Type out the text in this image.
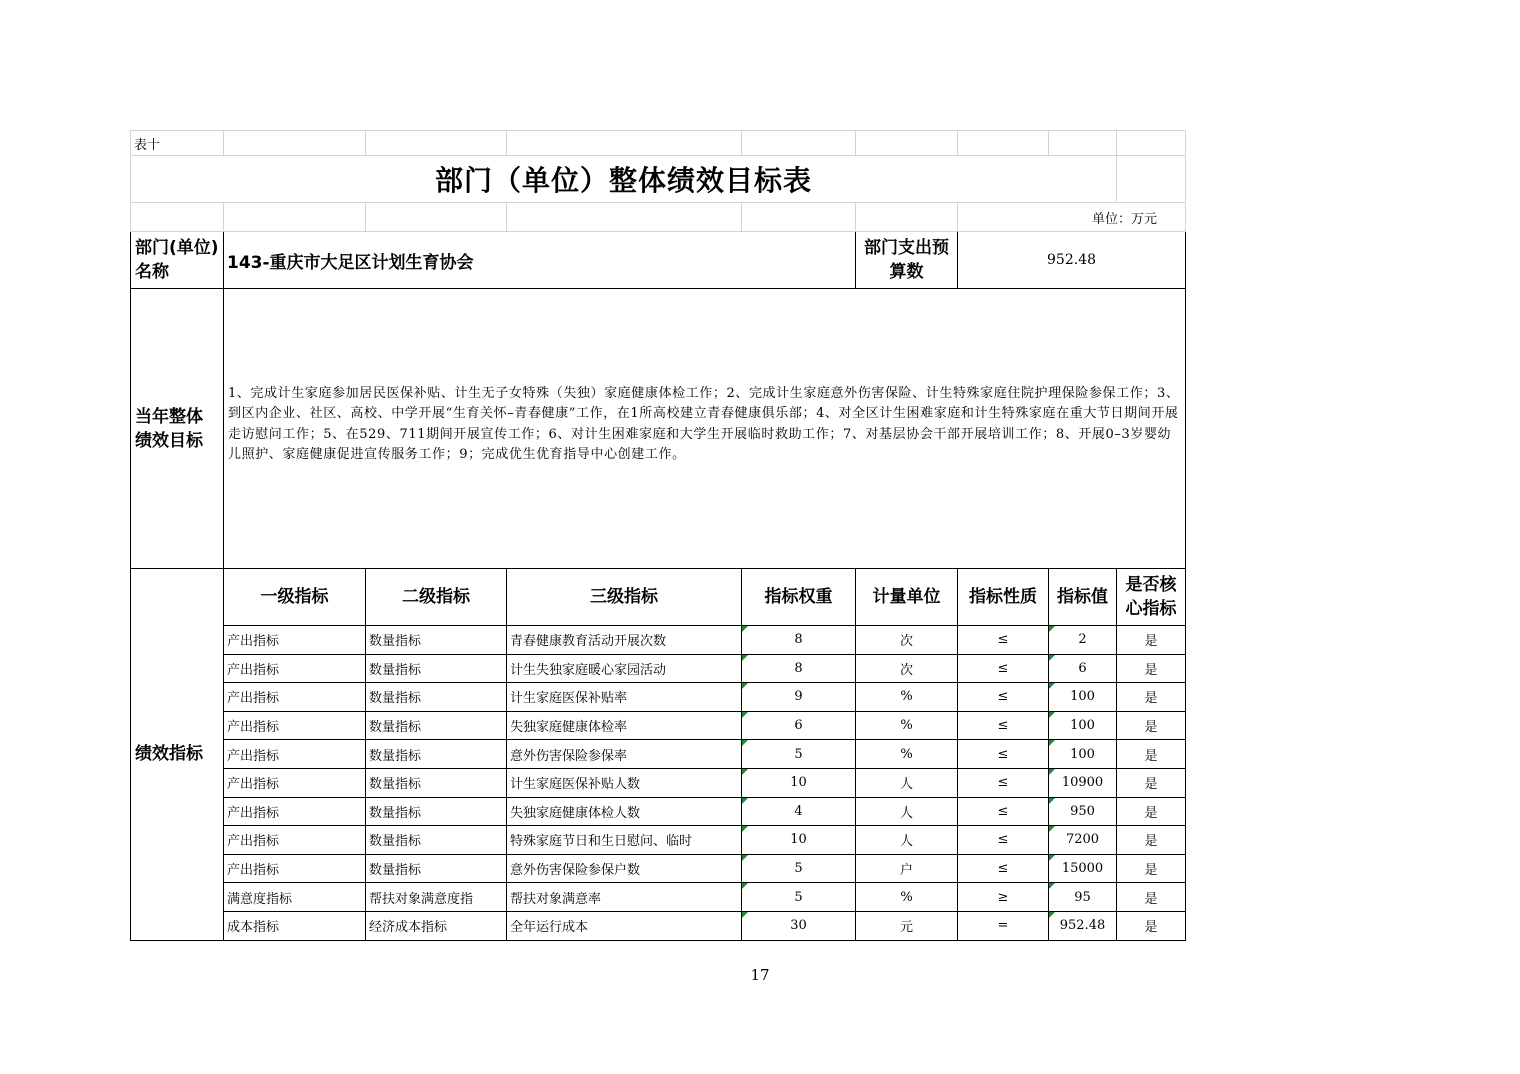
表十								
部门（单位）整体绩效目标表								
						单位：万元		
部门(单位)名称	143-重庆市大足区计划生育协会				部门支出预算数	952.48		
当年整体绩效目标	1、完成计生家庭参加居民医保补贴、计生无子女特殊（失独）家庭健康体检工作；2、完成计生家庭意外伤害保险、计生特殊家庭住院护理保险参保工作；3、到区内企业、社区、高校、中学开展“生育关怀–青春健康”工作，在1所高校建立青春健康俱乐部；4、对全区计生困难家庭和计生特殊家庭在重大节日期间开展走访慰问工作；5、在529、711期间开展宣传工作；6、对计生困难家庭和大学生开展临时救助工作；7、对基层协会干部开展培训工作；8、开展0–3岁婴幼儿照护、家庭健康促进宣传服务工作；9；完成优生优育指导中心创建工作。							
绩效指标	一级指标	二级指标	三级指标	指标权重	计量单位	指标性质	指标值	是否核心指标
	产出指标	数量指标	青春健康教育活动开展次数	8	次	≤	2	是
	产出指标	数量指标	计生失独家庭暖心家园活动	8	次	≤	6	是
	产出指标	数量指标	计生家庭医保补贴率	9	%	≤	100	是
	产出指标	数量指标	失独家庭健康体检率	6	%	≤	100	是
	产出指标	数量指标	意外伤害保险参保率	5	%	≤	100	是
	产出指标	数量指标	计生家庭医保补贴人数	10	人	≤	10900	是
	产出指标	数量指标	失独家庭健康体检人数	4	人	≤	950	是
	产出指标	数量指标	特殊家庭节日和生日慰问、临时	10	人	≤	7200	是
	产出指标	数量指标	意外伤害保险参保户数	5	户	≤	15000	是
	满意度指标	帮扶对象满意度指	帮扶对象满意率	5	%	≥	95	是
	成本指标	经济成本指标	全年运行成本	30	元	=	952.48	是
17
